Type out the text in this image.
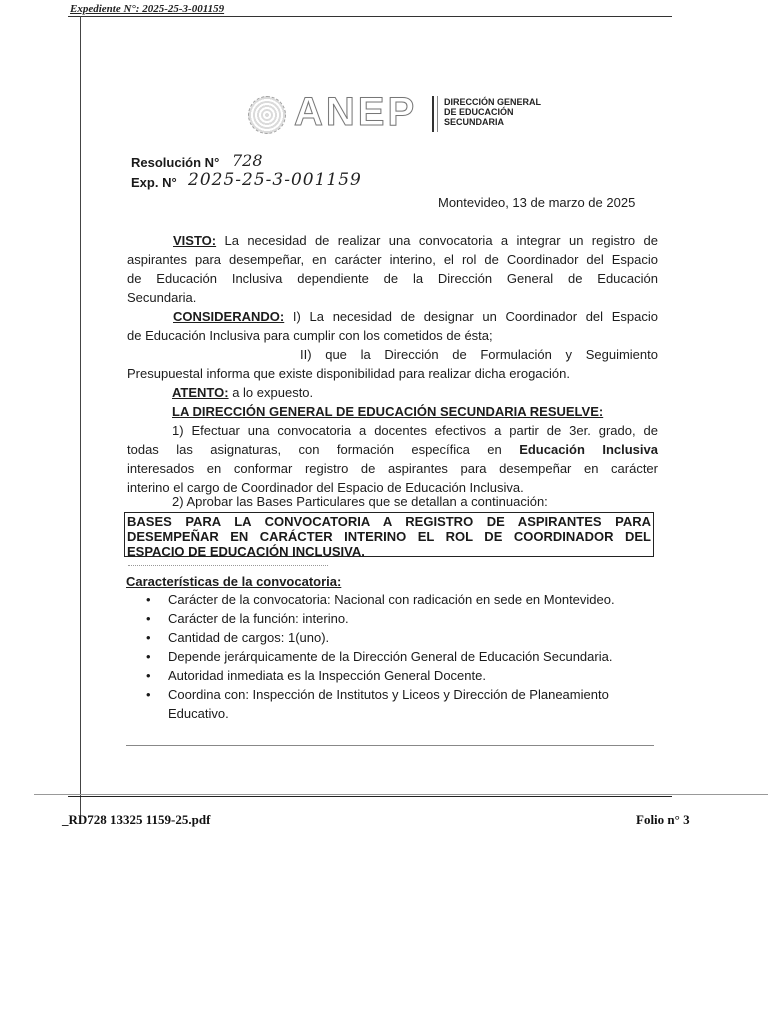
Expediente N°: 2025-25-3-001159
ANEP	DIRECCIÓN GENERAL
DE EDUCACIÓN
SECUNDARIA
Resolución N° 728
Exp. N° 2025-25-3-001159
Montevideo, 13 de marzo de 2025
VISTO: La necesidad de realizar una convocatoria a integrar un registro de
aspirantes para desempeñar, en carácter interino, el rol de Coordinador del Espacio
de Educación Inclusiva dependiente de la Dirección General de Educación
Secundaria.
CONSIDERANDO: I) La necesidad de designar un Coordinador del Espacio
de Educación Inclusiva para cumplir con los cometidos de ésta;
II) que la Dirección de Formulación y Seguimiento
Presupuestal informa que existe disponibilidad para realizar dicha erogación.
ATENTO: a lo expuesto.
LA DIRECCIÓN GENERAL DE EDUCACIÓN SECUNDARIA RESUELVE:
1) Efectuar una convocatoria a docentes efectivos a partir de 3er. grado, de
todas las asignaturas, con formación específica en Educación Inclusiva
interesados en conformar registro de aspirantes para desempeñar en carácter
interino el cargo de Coordinador del Espacio de Educación Inclusiva.
2) Aprobar las Bases Particulares que se detallan a continuación:
BASES PARA LA CONVOCATORIA A REGISTRO DE ASPIRANTES PARA
DESEMPEÑAR EN CARÁCTER INTERINO EL ROL DE COORDINADOR DEL
ESPACIO DE EDUCACIÓN INCLUSIVA.
Características de la convocatoria:
• Carácter de la convocatoria: Nacional con radicación en sede en Montevideo.
• Carácter de la función: interino.
• Cantidad de cargos: 1(uno).
• Depende jerárquicamente de la Dirección General de Educación Secundaria.
• Autoridad inmediata es la Inspección General Docente.
• Coordina con: Inspección de Institutos y Liceos y Dirección de Planeamiento
Educativo.
_RD728 13325 1159-25.pdf	Folio n° 3
